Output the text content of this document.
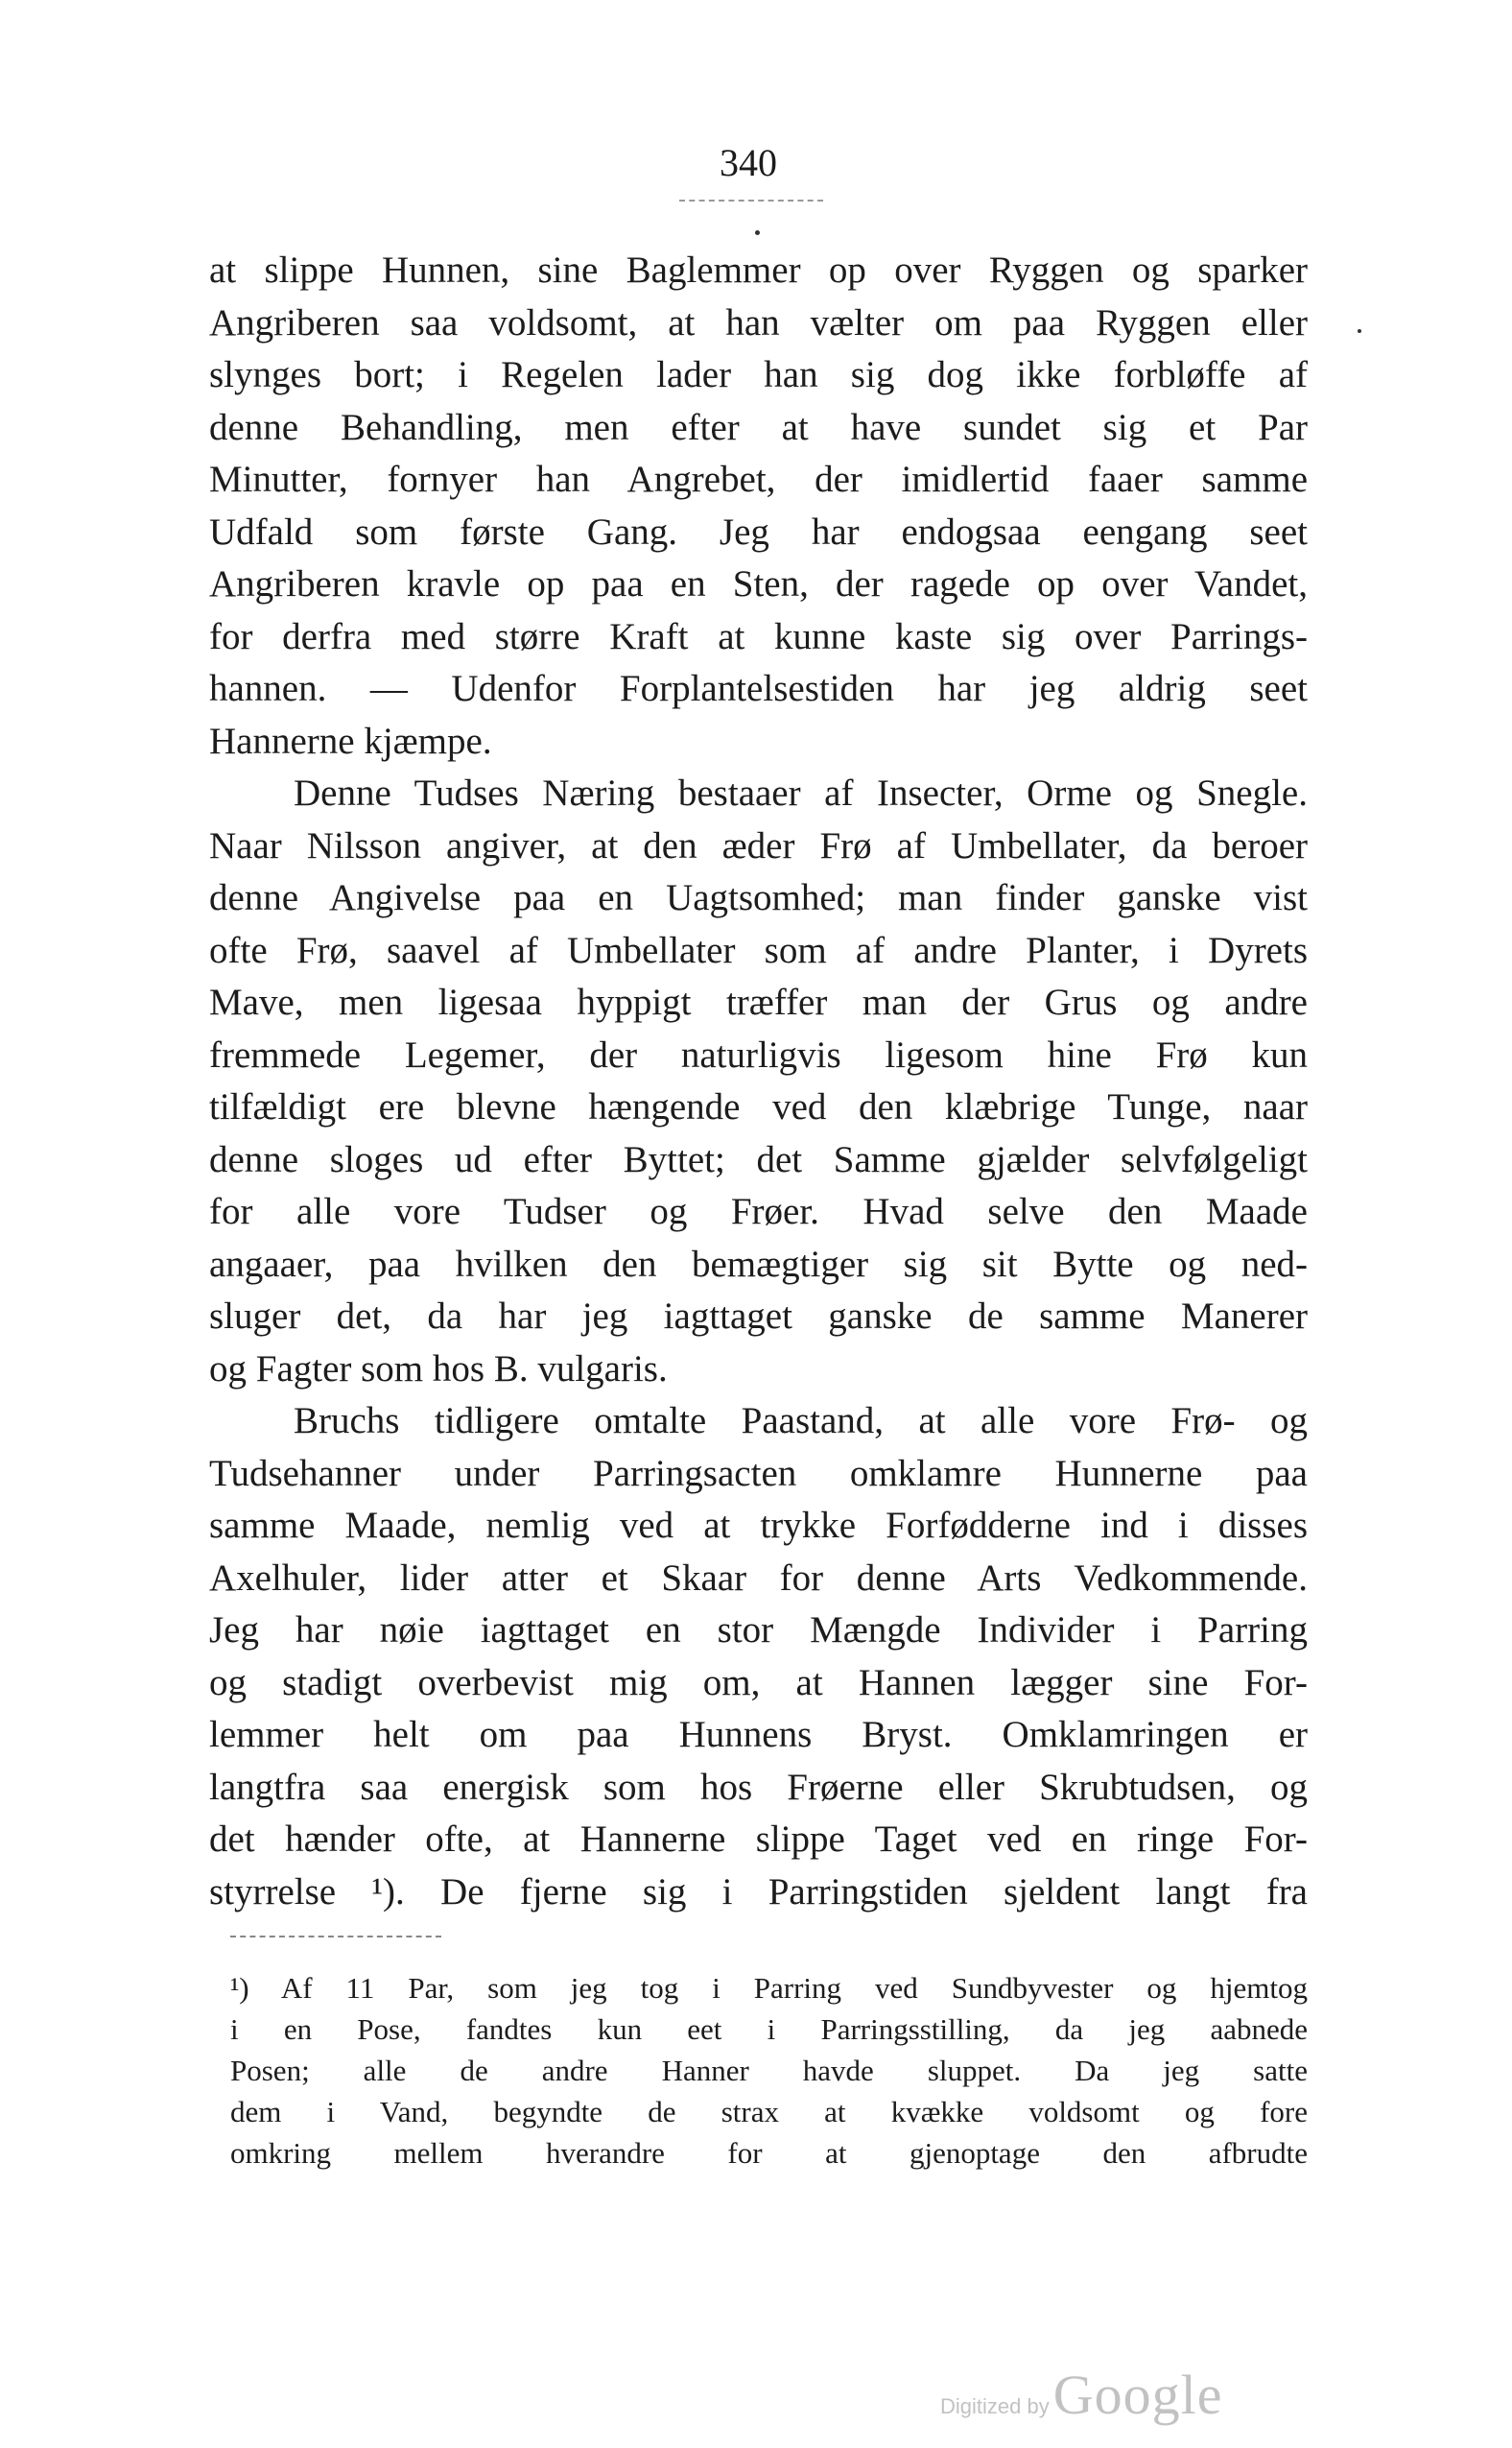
340
at slippe Hunnen, sine Baglemmer op over Ryggen og sparker
Angriberen saa voldsomt, at han vælter om paa Ryggen eller
slynges bort; i Regelen lader han sig dog ikke forbløffe af
denne Behandling, men efter at have sundet sig et Par
Minutter, fornyer han Angrebet, der imidlertid faaer samme
Udfald som første Gang. Jeg har endogsaa eengang seet
Angriberen kravle op paa en Sten, der ragede op over Vandet,
for derfra med større Kraft at kunne kaste sig over Parrings-
hannen. — Udenfor Forplantelsestiden har jeg aldrig seet
Hannerne kjæmpe.
Denne Tudses Næring bestaaer af Insecter, Orme og Snegle.
Naar Nilsson angiver, at den æder Frø af Umbellater, da beroer
denne Angivelse paa en Uagtsomhed; man finder ganske vist
ofte Frø, saavel af Umbellater som af andre Planter, i Dyrets
Mave, men ligesaa hyppigt træffer man der Grus og andre
fremmede Legemer, der naturligvis ligesom hine Frø kun
tilfældigt ere blevne hængende ved den klæbrige Tunge, naar
denne sloges ud efter Byttet; det Samme gjælder selvfølgeligt
for alle vore Tudser og Frøer. Hvad selve den Maade
angaaer, paa hvilken den bemægtiger sig sit Bytte og ned-
sluger det, da har jeg iagttaget ganske de samme Manerer
og Fagter som hos B. vulgaris.
Bruchs tidligere omtalte Paastand, at alle vore Frø- og
Tudsehanner under Parringsacten omklamre Hunnerne paa
samme Maade, nemlig ved at trykke Forfødderne ind i disses
Axelhuler, lider atter et Skaar for denne Arts Vedkommende.
Jeg har nøie iagttaget en stor Mængde Individer i Parring
og stadigt overbevist mig om, at Hannen lægger sine For-
lemmer helt om paa Hunnens Bryst. Omklamringen er
langtfra saa energisk som hos Frøerne eller Skrubtudsen, og
det hænder ofte, at Hannerne slippe Taget ved en ringe For-
styrrelse ¹). De fjerne sig i Parringstiden sjeldent langt fra
¹) Af 11 Par, som jeg tog i Parring ved Sundbyvester og hjemtog
i en Pose, fandtes kun eet i Parringsstilling, da jeg aabnede
Posen; alle de andre Hanner havde sluppet. Da jeg satte
dem i Vand, begyndte de strax at kvække voldsomt og fore
omkring mellem hverandre for at gjenoptage den afbrudte
Digitized by Google
